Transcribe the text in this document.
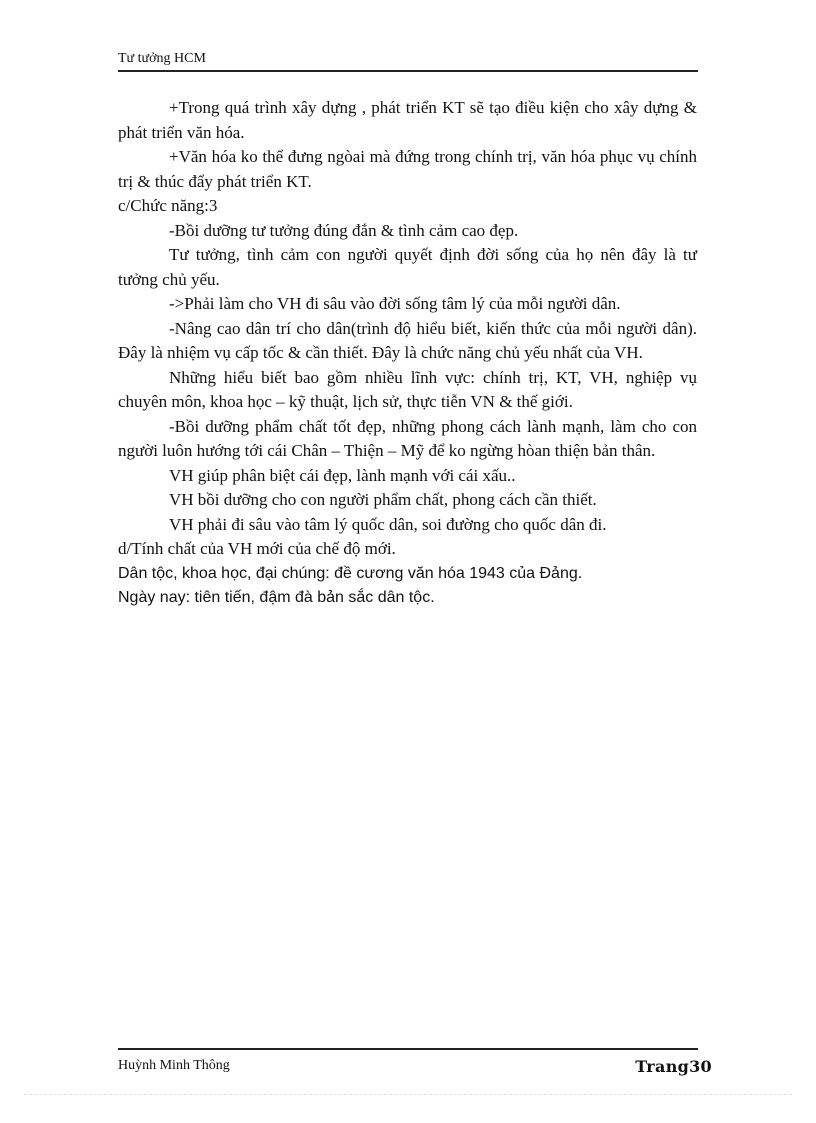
Tư tưởng HCM

+Trong quá trình xây dựng , phát triển KT sẽ tạo điều kiện cho xây dựng & phát triển văn hóa.

+Văn hóa ko thể đưng ngòai mà đứng trong chính trị, văn hóa phục vụ chính trị & thúc đẩy phát triển KT.

c/Chức năng:3

-Bồi dưỡng tư tưởng đúng đắn & tình cảm cao đẹp.

Tư tưởng, tình cảm con người quyết định đời sống của họ nên đây là tư tưởng chủ yếu.

->Phải làm cho VH đi sâu vào đời sống tâm lý của mỗi người dân.

-Nâng cao dân trí cho dân(trình độ hiểu biết, kiến thức của mỗi người dân). Đây là nhiệm vụ cấp tốc & cần thiết. Đây là chức năng chủ yếu nhất của VH.

Những hiểu biết bao gồm nhiều lĩnh vực: chính trị, KT, VH, nghiệp vụ chuyên môn, khoa học – kỹ thuật, lịch sử, thực tiễn VN & thế giới.

-Bồi dưỡng phẩm chất tốt đẹp, những phong cách lành mạnh, làm cho con người luôn hướng tới cái Chân – Thiện – Mỹ để ko ngừng hòan thiện bản thân.

VH giúp phân biệt cái đẹp, lành mạnh với cái xấu..

VH bồi dưỡng cho con người phẩm chất, phong cách cần thiết.

VH phải đi sâu vào tâm lý quốc dân, soi đường cho quốc dân đi.

d/Tính chất của VH mới của chế độ mới.

Dân tộc, khoa học, đại chúng: đề cương văn hóa 1943 của Đảng.

Ngày nay: tiên tiến, đậm đà bản sắc dân tộc.

Huỳnh Minh Thông	Trang30
